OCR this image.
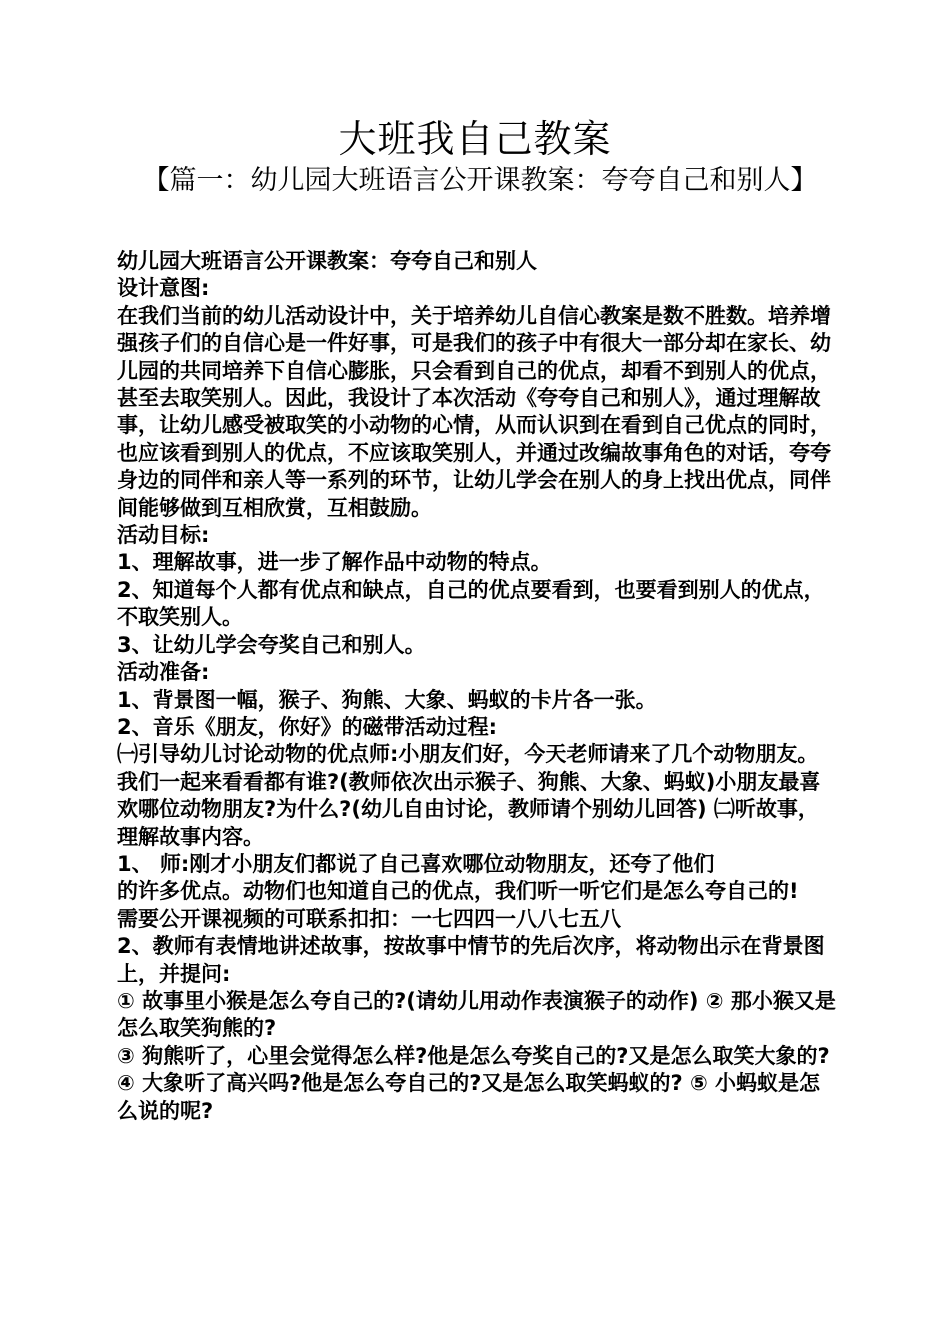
大班我自己教案
【篇一：幼儿园大班语言公开课教案：夸夸自己和别人】

幼儿园大班语言公开课教案：夸夸自己和别人

设计意图:

在我们当前的幼儿活动设计中，关于培养幼儿自信心教案是数不胜数。培养增强孩子们的自信心是一件好事，可是我们的孩子中有很大一部分却在家长、幼儿园的共同培养下自信心膨胀，只会看到自己的优点，却看不到别人的优点，甚至去取笑别人。因此，我设计了本次活动《夸夸自己和别人》，通过理解故事，让幼儿感受被取笑的小动物的心情，从而认识到在看到自己优点的同时，也应该看到别人的优点，不应该取笑别人，并通过改编故事角色的对话，夸夸身边的同伴和亲人等一系列的环节，让幼儿学会在别人的身上找出优点，同伴间能够做到互相欣赏，互相鼓励。

活动目标:

1、理解故事，进一步了解作品中动物的特点。

2、知道每个人都有优点和缺点，自己的优点要看到，也要看到别人的优点，不取笑别人。

3、让幼儿学会夸奖自己和别人。

活动准备:

1、背景图一幅，猴子、狗熊、大象、蚂蚁的卡片各一张。

2、音乐《朋友，你好》的磁带活动过程:

㈠引导幼儿讨论动物的优点师:小朋友们好，今天老师请来了几个动物朋友。我们一起来看看都有谁?(教师依次出示猴子、狗熊、大象、蚂蚁)小朋友最喜欢哪位动物朋友?为什么?(幼儿自由讨论，教师请个别幼儿回答) ㈡听故事，理解故事内容。

1、 师:刚才小朋友们都说了自己喜欢哪位动物朋友，还夸了他们

的许多优点。动物们也知道自己的优点，我们听一听它们是怎么夸自己的!

需要公开课视频的可联系扣扣：一七四四一八八七五八

2、教师有表情地讲述故事，按故事中情节的先后次序，将动物出示在背景图上，并提问:

① 故事里小猴是怎么夸自己的?(请幼儿用动作表演猴子的动作) ② 那小猴又是怎么取笑狗熊的?

③ 狗熊听了，心里会觉得怎么样?他是怎么夸奖自己的?又是怎么取笑大象的?

④ 大象听了高兴吗?他是怎么夸自己的?又是怎么取笑蚂蚁的? ⑤ 小蚂蚁是怎么说的呢?
